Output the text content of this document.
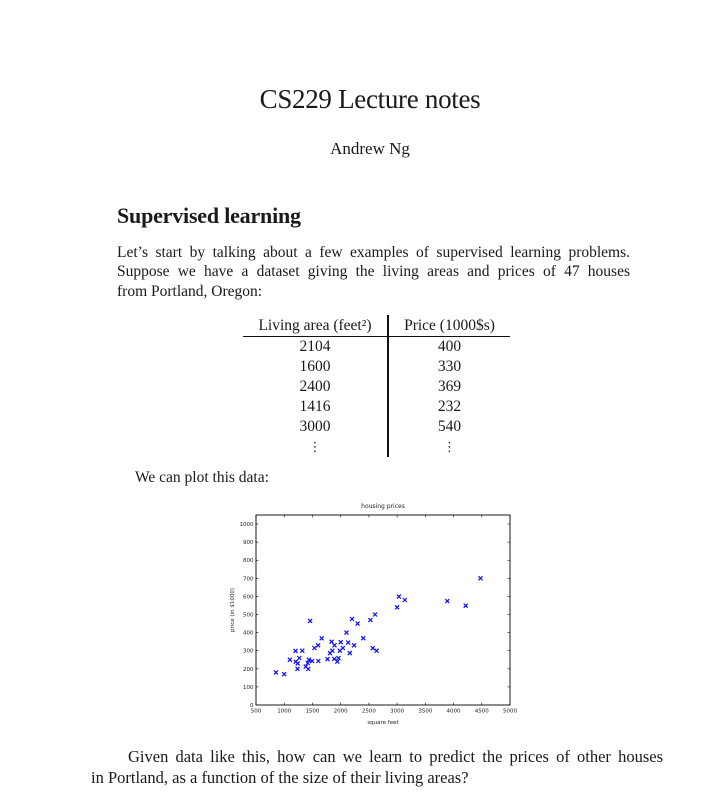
CS229 Lecture notes
Andrew Ng
Supervised learning
Let’s start by talking about a few examples of supervised learning problems.
Suppose we have a dataset giving the living areas and prices of 47 houses
from Portland, Oregon:
Living area (feet²)	Price (1000$s)
2104	400
1600	330
2400	369
1416	232
3000	540
⋮	⋮
We can plot this data:
500	1000	1500	2000	2500	3000	3500	4000	4500	5000
0
100
200
300
400
500
600
700
800
900
1000
housing prices
square feet
price (in $1000)
Given data like this, how can we learn to predict the prices of other houses
in Portland, as a function of the size of their living areas?
